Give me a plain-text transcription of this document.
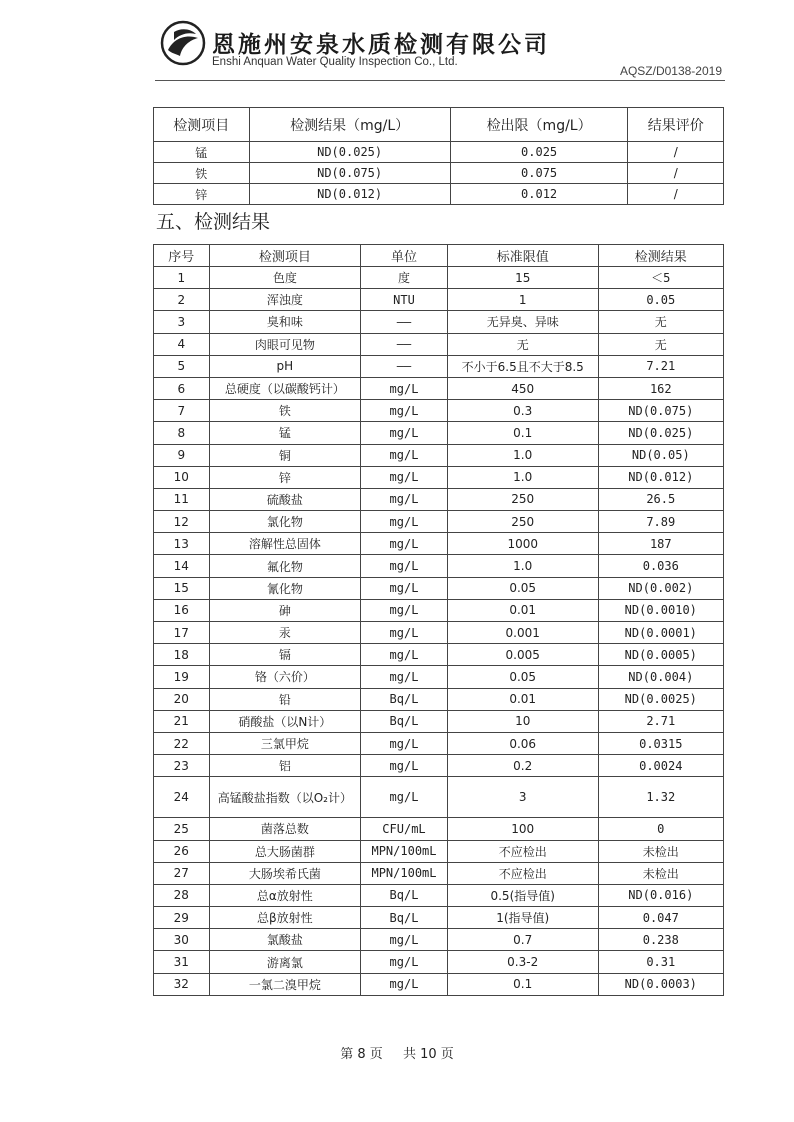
恩施州安泉水质检测有限公司
Enshi Anquan Water Quality Inspection Co., Ltd.
AQSZ/D0138-2019
检测项目	检测结果（mg/L）	检出限（mg/L）	结果评价
锰	ND(0.025)	0.025	/
铁	ND(0.075)	0.075	/
锌	ND(0.012)	0.012	/
五、检测结果
序号	检测项目	单位	标准限值	检测结果
1	色度	度	15	＜5
2	浑浊度	NTU	1	0.05
3	臭和味	——	无异臭、异味	无
4	肉眼可见物	——	无	无
5	pH	——	不小于6.5且不大于8.5	7.21
6	总硬度（以碳酸钙计）	mg/L	450	162
7	铁	mg/L	0.3	ND(0.075)
8	锰	mg/L	0.1	ND(0.025)
9	铜	mg/L	1.0	ND(0.05)
10	锌	mg/L	1.0	ND(0.012)
11	硫酸盐	mg/L	250	26.5
12	氯化物	mg/L	250	7.89
13	溶解性总固体	mg/L	1000	187
14	氟化物	mg/L	1.0	0.036
15	氰化物	mg/L	0.05	ND(0.002)
16	砷	mg/L	0.01	ND(0.0010)
17	汞	mg/L	0.001	ND(0.0001)
18	镉	mg/L	0.005	ND(0.0005)
19	铬（六价）	mg/L	0.05	ND(0.004)
20	铅	Bq/L	0.01	ND(0.0025)
21	硝酸盐（以N计）	Bq/L	10	2.71
22	三氯甲烷	mg/L	0.06	0.0315
23	铝	mg/L	0.2	0.0024
24	高锰酸盐指数（以O₂计）	mg/L	3	1.32
25	菌落总数	CFU/mL	100	0
26	总大肠菌群	MPN/100mL	不应检出	未检出
27	大肠埃希氏菌	MPN/100mL	不应检出	未检出
28	总α放射性	Bq/L	0.5(指导值)	ND(0.016)
29	总β放射性	Bq/L	1(指导值)	0.047
30	氯酸盐	mg/L	0.7	0.238
31	游离氯	mg/L	0.3-2	0.31
32	一氯二溴甲烷	mg/L	0.1	ND(0.0003)
第 8 页 共 10 页
